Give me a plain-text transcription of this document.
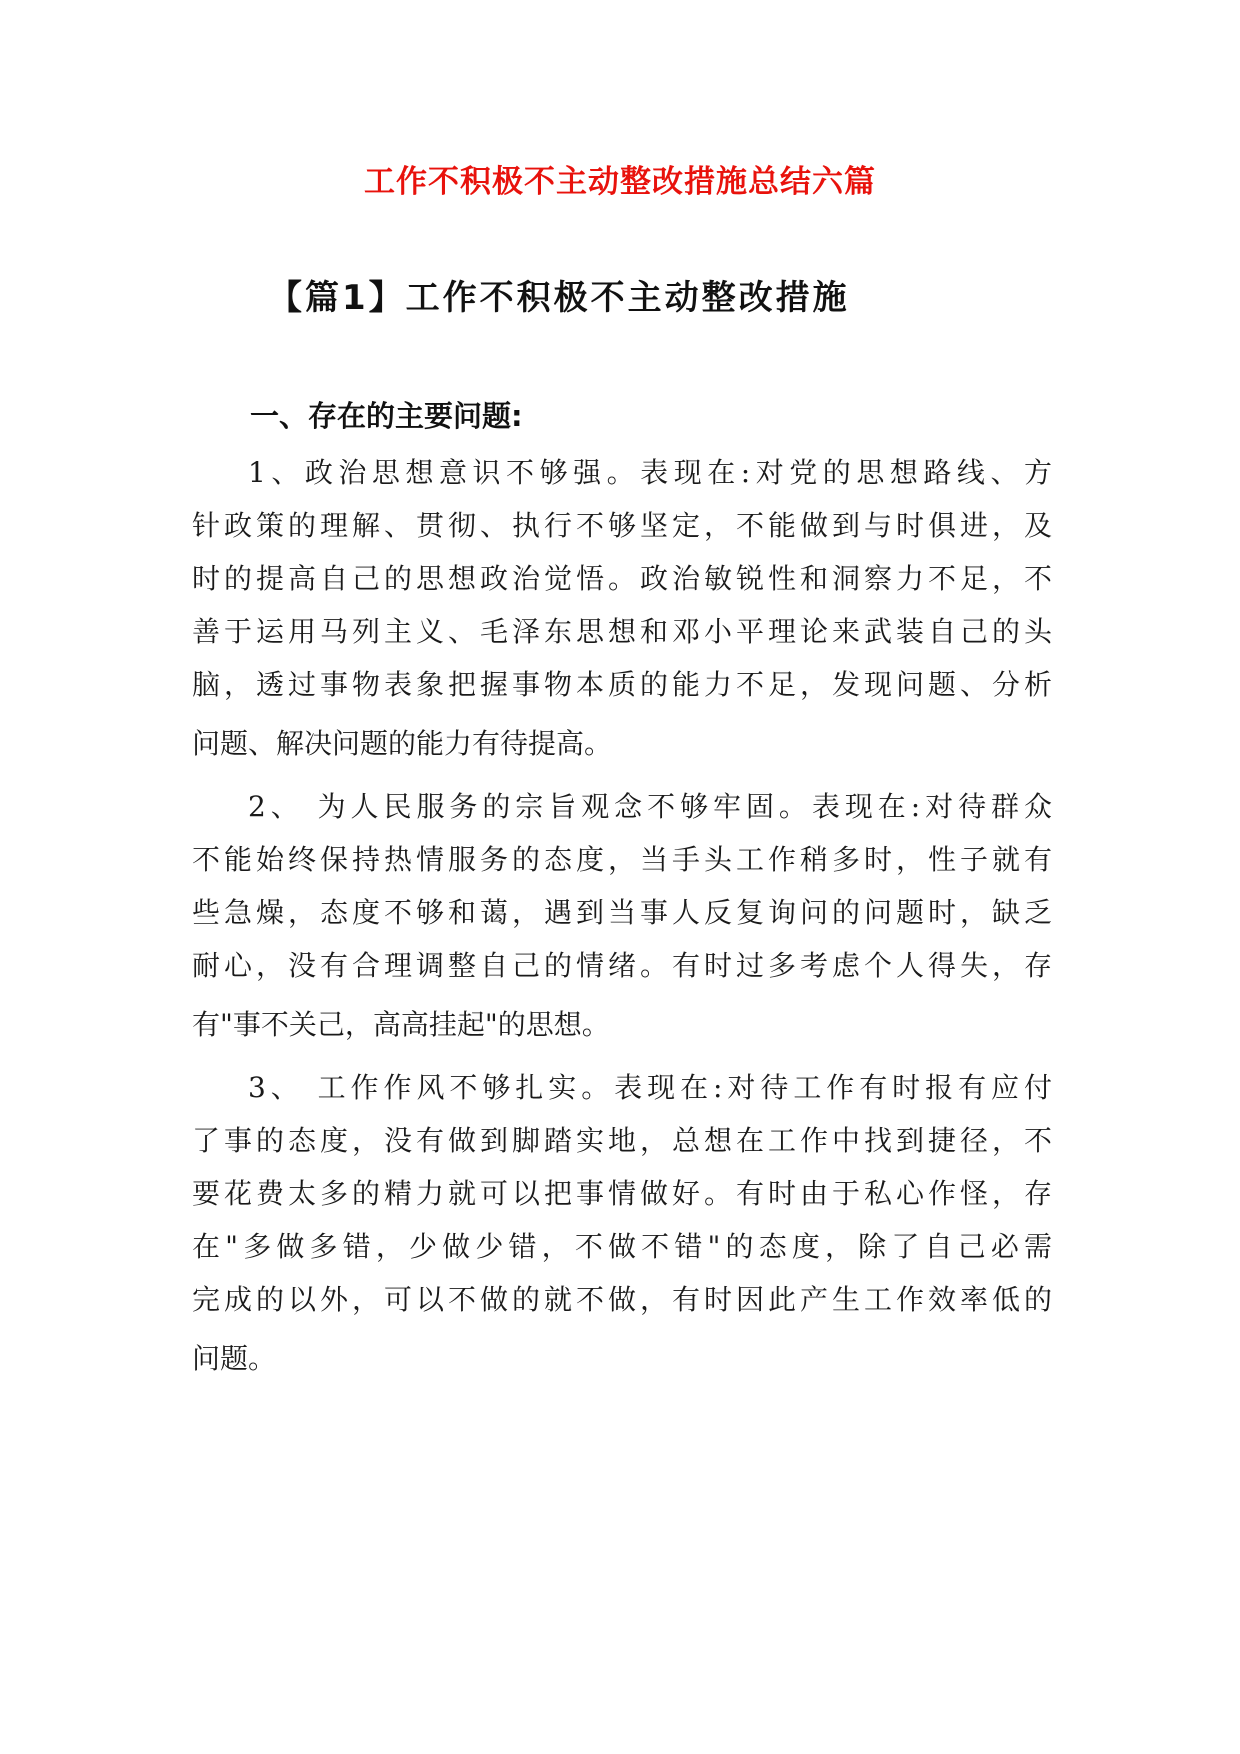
工作不积极不主动整改措施总结六篇
【篇1】工作不积极不主动整改措施
一、存在的主要问题:
1、政治思想意识不够强。表现在:对党的思想路线、方
针政策的理解、贯彻、执行不够坚定，不能做到与时俱进，及
时的提高自己的思想政治觉悟。政治敏锐性和洞察力不足，不
善于运用马列主义、毛泽东思想和邓小平理论来武装自己的头
脑，透过事物表象把握事物本质的能力不足，发现问题、分析
问题、解决问题的能力有待提高。
2、 为人民服务的宗旨观念不够牢固。表现在:对待群众
不能始终保持热情服务的态度，当手头工作稍多时，性子就有
些急燥，态度不够和蔼，遇到当事人反复询问的问题时，缺乏
耐心，没有合理调整自己的情绪。有时过多考虑个人得失，存
有"事不关己，高高挂起"的思想。
3、 工作作风不够扎实。表现在:对待工作有时报有应付
了事的态度，没有做到脚踏实地，总想在工作中找到捷径，不
要花费太多的精力就可以把事情做好。有时由于私心作怪，存
在"多做多错，少做少错，不做不错"的态度，除了自己必需
完成的以外，可以不做的就不做，有时因此产生工作效率低的
问题。
